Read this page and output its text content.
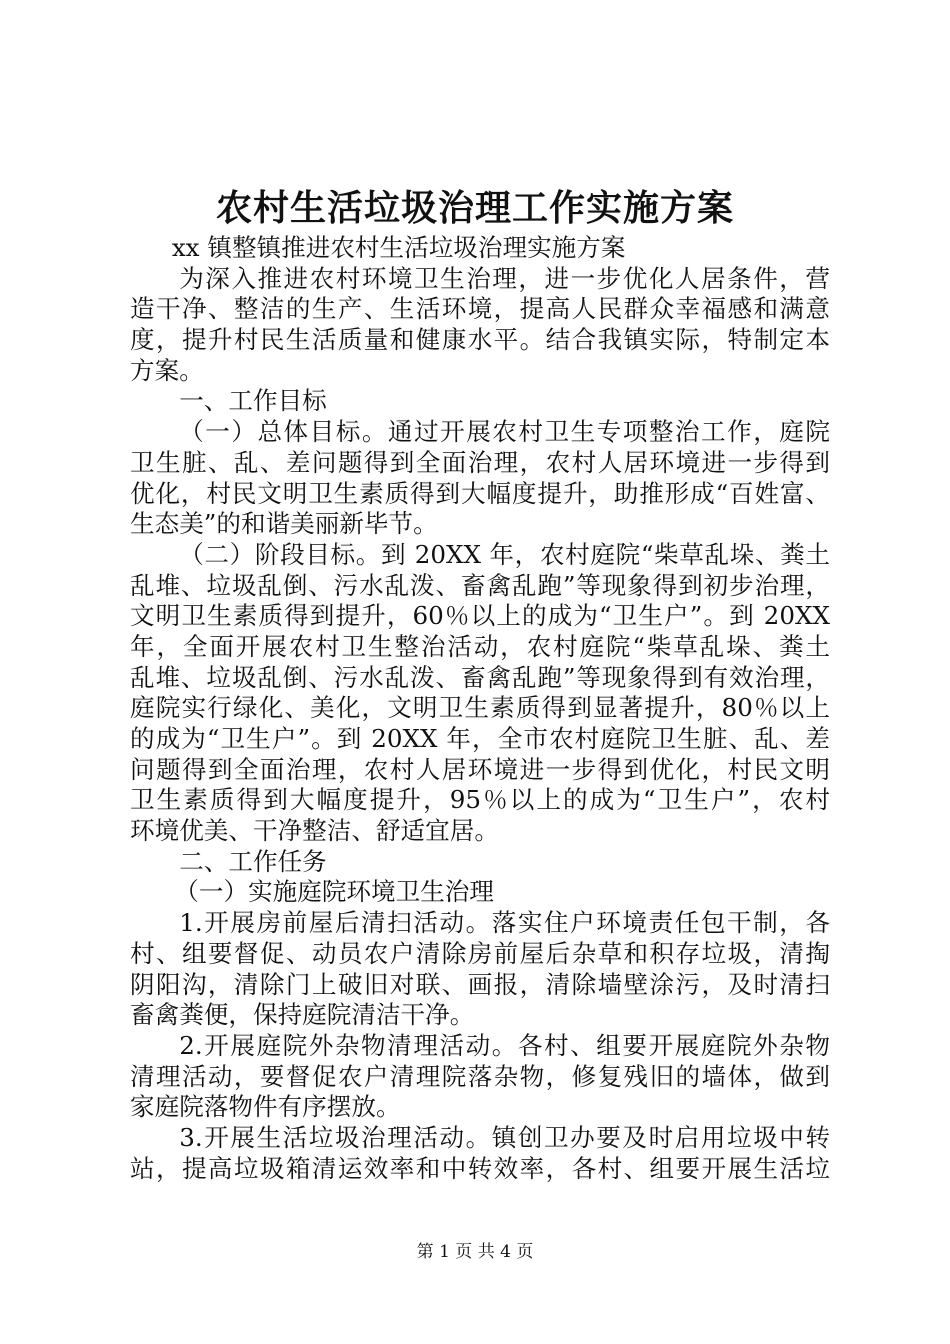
农村生活垃圾治理工作实施方案
xx 镇整镇推进农村生活垃圾治理实施方案
为深入推进农村环境卫生治理，进一步优化人居条件，营
造干净、整洁的生产、生活环境，提高人民群众幸福感和满意
度，提升村民生活质量和健康水平。结合我镇实际，特制定本
方案。
一、工作目标
（一）总体目标。通过开展农村卫生专项整治工作，庭院
卫生脏、乱、差问题得到全面治理，农村人居环境进一步得到
优化，村民文明卫生素质得到大幅度提升，助推形成“百姓富、
生态美”的和谐美丽新毕节。
（二）阶段目标。到 20XX 年，农村庭院“柴草乱垛、粪土
乱堆、垃圾乱倒、污水乱泼、畜禽乱跑”等现象得到初步治理，
文明卫生素质得到提升，60％以上的成为“卫生户”。到 20XX
年，全面开展农村卫生整治活动，农村庭院“柴草乱垛、粪土
乱堆、垃圾乱倒、污水乱泼、畜禽乱跑”等现象得到有效治理，
庭院实行绿化、美化，文明卫生素质得到显著提升，80％以上
的成为“卫生户”。到 20XX 年，全市农村庭院卫生脏、乱、差
问题得到全面治理，农村人居环境进一步得到优化，村民文明
卫生素质得到大幅度提升，95％以上的成为“卫生户”，农村
环境优美、干净整洁、舒适宜居。
二、工作任务
（一）实施庭院环境卫生治理
1.开展房前屋后清扫活动。落实住户环境责任包干制，各
村、组要督促、动员农户清除房前屋后杂草和积存垃圾，清掏
阴阳沟，清除门上破旧对联、画报，清除墙壁涂污，及时清扫
畜禽粪便，保持庭院清洁干净。
2.开展庭院外杂物清理活动。各村、组要开展庭院外杂物
清理活动，要督促农户清理院落杂物，修复残旧的墙体，做到
家庭院落物件有序摆放。
3.开展生活垃圾治理活动。镇创卫办要及时启用垃圾中转
站，提高垃圾箱清运效率和中转效率，各村、组要开展生活垃
第 1 页 共 4 页
